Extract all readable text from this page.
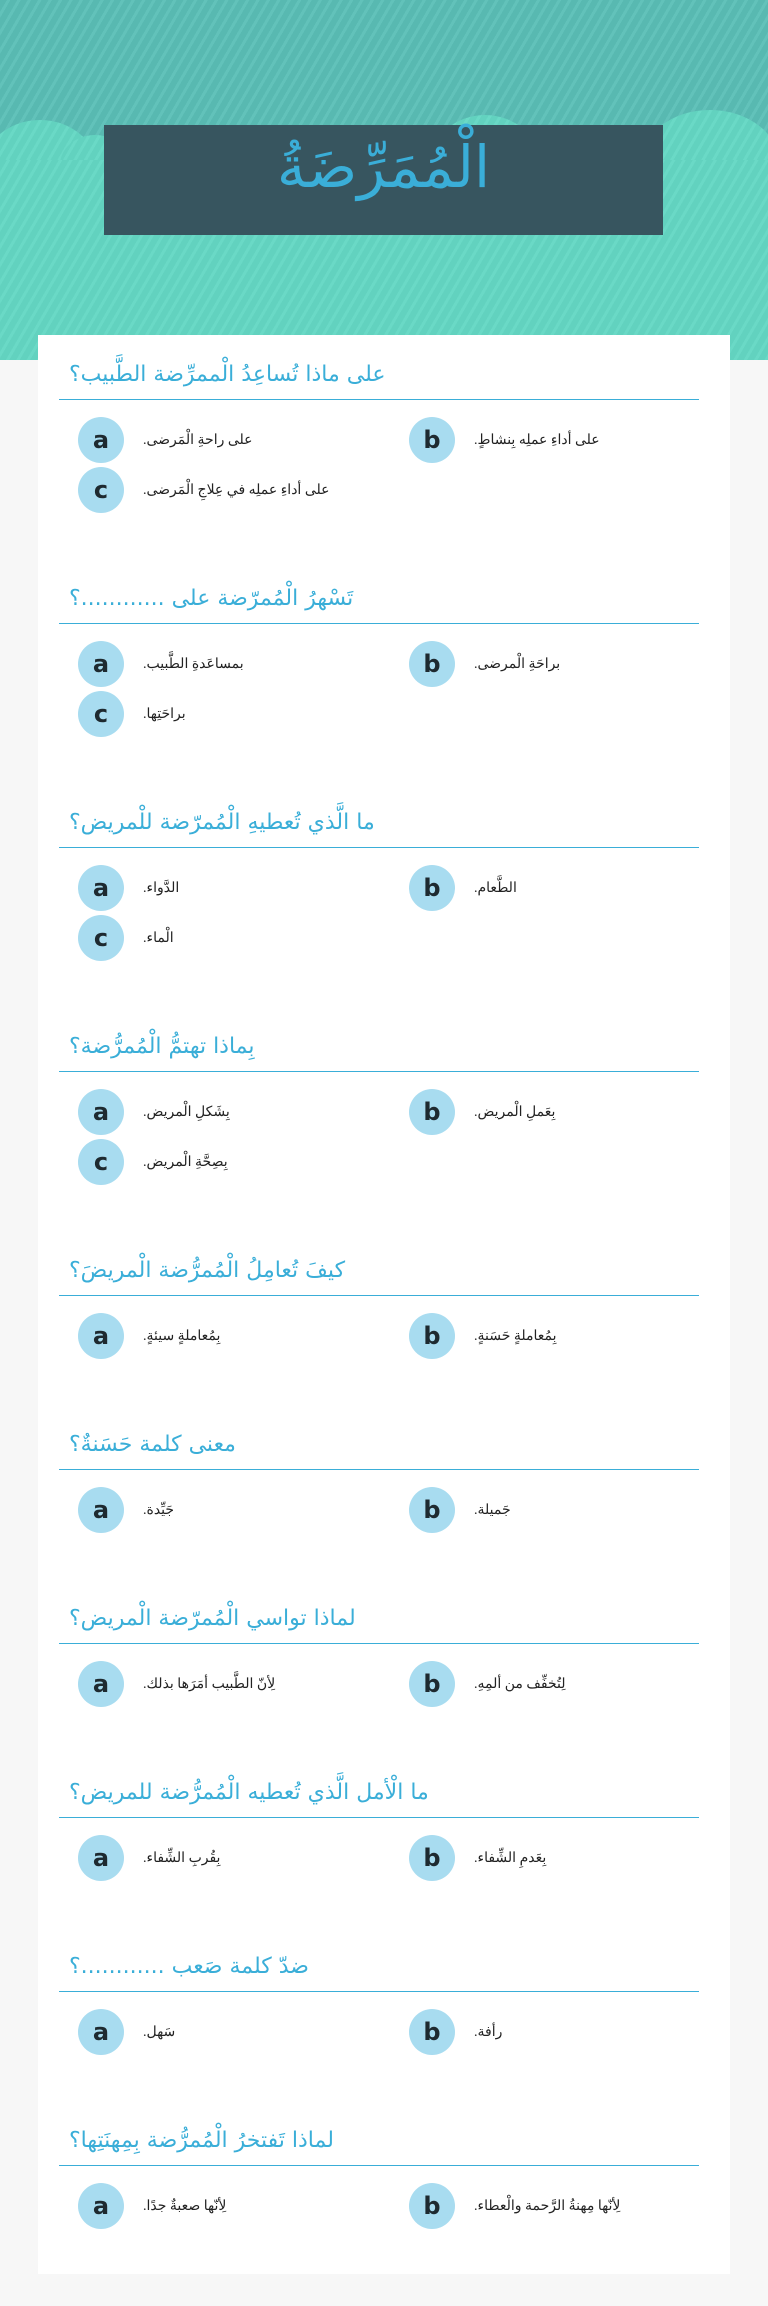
الْمُمَرِّضَةُ
على ماذا تُساعِدُ الْممرِّضة الطَّبيب؟
a	على راحةِ الْمَرضى.	b	على أداءِ عملِه بِنشاطٍ.
c	على أداءِ عملِه في عِلاجِ الْمَرضى.
تَسْهرُ الْمُمرّضة على ............؟
a	بمساعَدةِ الطَّبيب.	b	براحَةِ الْمرضى.
c	براحَتِها.
ما الَّذي تُعطيهِ الْمُمرّضة للْمريض؟
a	الدَّواء.	b	الطَّعام.
c	الْماء.
بِماذا تهتمُّ الْمُمرُّضة؟
a	بِشَكلِ الْمريض.	b	بِعَملِ الْمريض.
c	بِصِحَّةِ الْمريض.
كيفَ تُعامِلُ الْمُمرُّضة الْمريضَ؟
a	بِمُعاملةٍ سيئةٍ.	b	بِمُعاملةٍ حَسَنةٍ.
معنى كلمة حَسَنةٌ؟
a	جَيِّدة.	b	جَميلة.
لماذا تواسي الْمُمرّضة الْمريض؟
a	لِأنّ الطَّبيب أمَرَها بذلك.	b	لِتُخفِّف من ألمِهِ.
ما الْأمل الَّذي تُعطيه الْمُمرُّضة للمريض؟
a	بِقُربِ الشِّفاء.	b	بِعَدمِ الشِّفاء.
ضدّ كلمة صَعب ............؟
a	سَهل.	b	رأفة.
لماذا تَفتخرُ الْمُمرُّضة بِمِهنَتِها؟
a	لِأنّها صعبةٌ جدًا.	b	لِأنّها مِهنةُ الرَّحمة والْعطاء.
